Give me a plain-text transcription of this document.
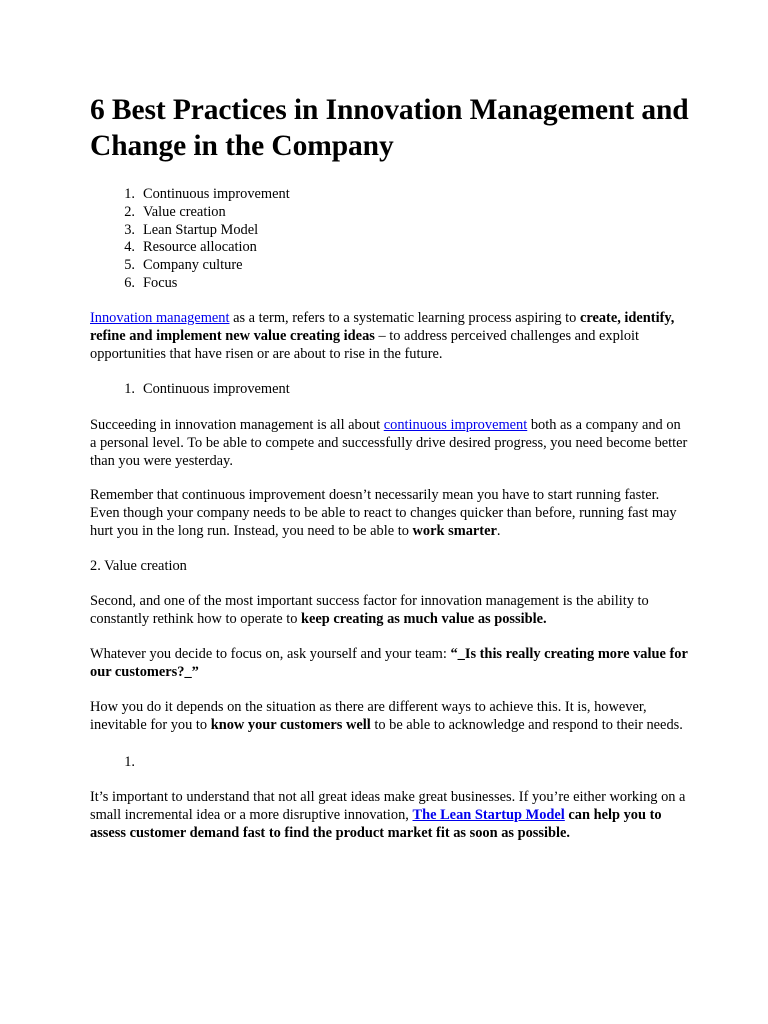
6 Best Practices in Innovation Management and Change in the Company
1. Continuous improvement
2. Value creation
3. Lean Startup Model
4. Resource allocation
5. Company culture
6. Focus

Innovation management as a term, refers to a systematic learning process aspiring to create, identify, refine and implement new value creating ideas – to address perceived challenges and exploit opportunities that have risen or are about to rise in the future.

1. Continuous improvement

Succeeding in innovation management is all about continuous improvement both as a company and on a personal level. To be able to compete and successfully drive desired progress, you need become better than you were yesterday.

Remember that continuous improvement doesn’t necessarily mean you have to start running faster. Even though your company needs to be able to react to changes quicker than before, running fast may hurt you in the long run. Instead, you need to be able to work smarter.

2. Value creation

Second, and one of the most important success factor for innovation management is the ability to constantly rethink how to operate to keep creating as much value as possible.

Whatever you decide to focus on, ask yourself and your team: “_Is this really creating more value for our customers?_”

How you do it depends on the situation as there are different ways to achieve this. It is, however, inevitable for you to know your customers well to be able to acknowledge and respond to their needs.

1.

It’s important to understand that not all great ideas make great businesses. If you’re either working on a small incremental idea or a more disruptive innovation, The Lean Startup Model can help you to assess customer demand fast to find the product market fit as soon as possible.
